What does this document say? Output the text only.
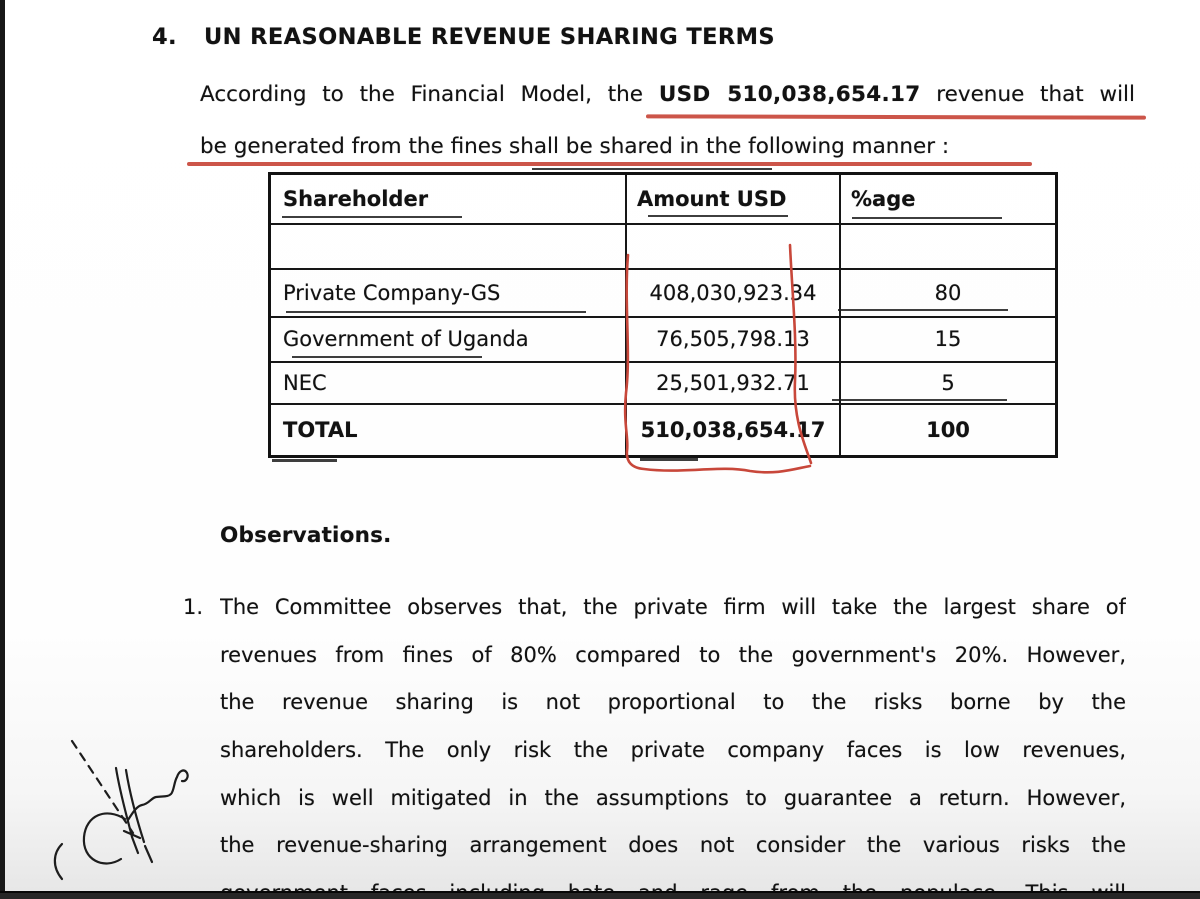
4. UN REASONABLE REVENUE SHARING TERMS
According to the Financial Model, the USD 510,038,654.17 revenue that will
be generated from the fines shall be shared in the following manner :
Shareholder	Amount USD	%age

Private Company-GS	408,030,923.34	80
Government of Uganda	76,505,798.13	15
NEC	25,501,932.71	5
TOTAL	510,038,654.17	100
Observations.
1. The Committee observes that, the private firm will take the largest share of
revenues from fines of 80% compared to the government's 20%. However,
the revenue sharing is not proportional to the risks borne by the
shareholders. The only risk the private company faces is low revenues,
which is well mitigated in the assumptions to guarantee a return. However,
the revenue-sharing arrangement does not consider the various risks the
